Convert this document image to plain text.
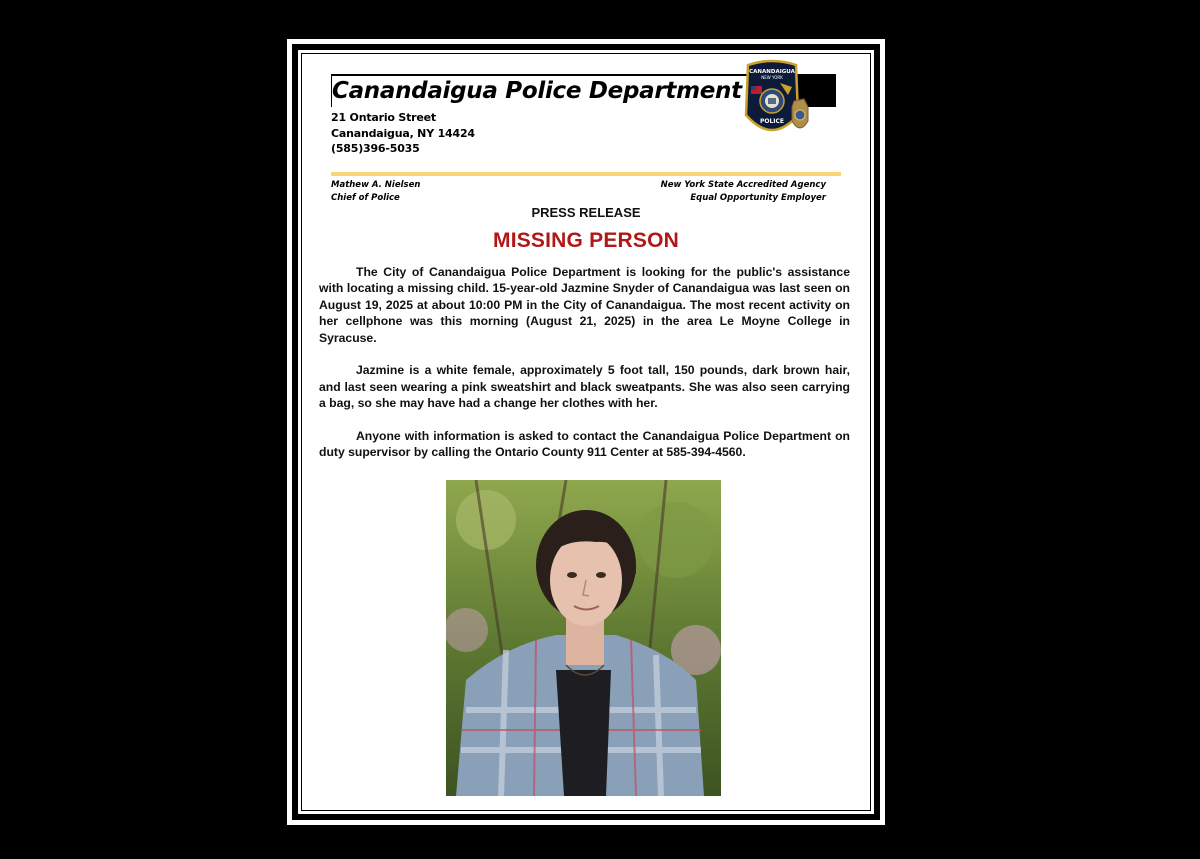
Canandaigua Police Department
CANANDAIGUA
NEW YORK
POLICE
21 Ontario Street
Canandaigua, NY 14424
(585)396-5035
Mathew A. Nielsen
Chief of Police
New York State Accredited Agency
Equal Opportunity Employer
PRESS RELEASE
MISSING PERSON

The City of Canandaigua Police Department is looking for the public's assistance with locating a missing child. 15-year-old Jazmine Snyder of Canandaigua was last seen on August 19, 2025 at about 10:00 PM in the City of Canandaigua. The most recent activity on her cellphone was this morning (August 21, 2025) in the area Le Moyne College in Syracuse.

Jazmine is a white female, approximately 5 foot tall, 150 pounds, dark brown hair, and last seen wearing a pink sweatshirt and black sweatpants. She was also seen carrying a bag, so she may have had a change her clothes with her.

Anyone with information is asked to contact the Canandaigua Police Department on duty supervisor by calling the Ontario County 911 Center at 585-394-4560.
